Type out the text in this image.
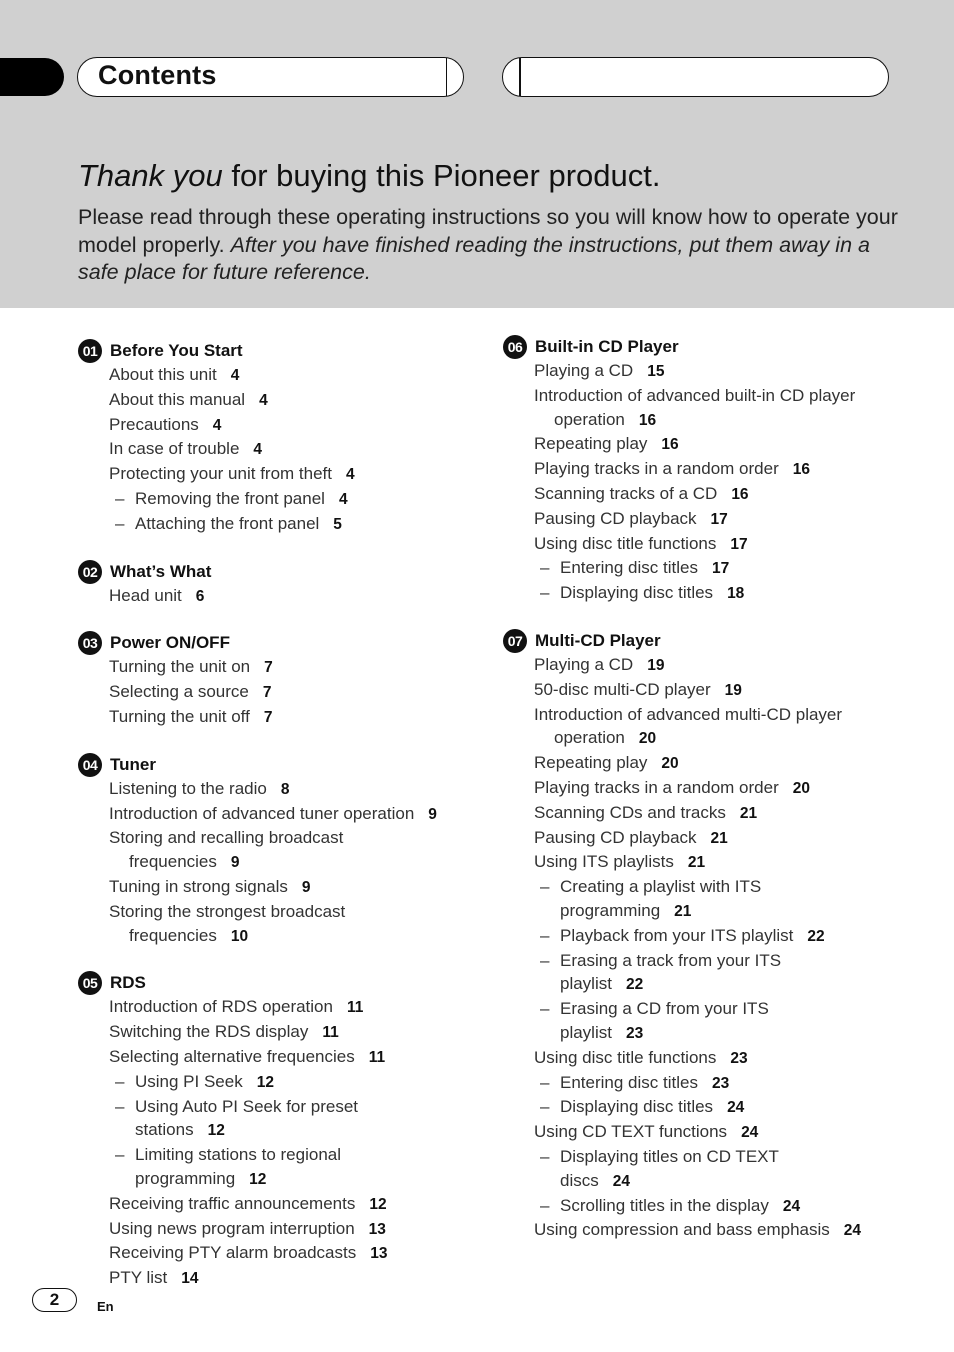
Contents
Thank you for buying this Pioneer product.
Please read through these operating instructions so you will know how to operate your model properly. After you have finished reading the instructions, put them away in a safe place for future reference.
01 Before You Start
About this unit 4
About this manual 4
Precautions 4
In case of trouble 4
Protecting your unit from theft 4
– Removing the front panel 4
– Attaching the front panel 5
02 What’s What
Head unit 6
03 Power ON/OFF
Turning the unit on 7
Selecting a source 7
Turning the unit off 7
04 Tuner
Listening to the radio 8
Introduction of advanced tuner operation 9
Storing and recalling broadcast
frequencies 9
Tuning in strong signals 9
Storing the strongest broadcast
frequencies 10
05 RDS
Introduction of RDS operation 11
Switching the RDS display 11
Selecting alternative frequencies 11
– Using PI Seek 12
– Using Auto PI Seek for preset
stations 12
– Limiting stations to regional
programming 12
Receiving traffic announcements 12
Using news program interruption 13
Receiving PTY alarm broadcasts 13
PTY list 14
06 Built-in CD Player
Playing a CD 15
Introduction of advanced built-in CD player
operation 16
Repeating play 16
Playing tracks in a random order 16
Scanning tracks of a CD 16
Pausing CD playback 17
Using disc title functions 17
– Entering disc titles 17
– Displaying disc titles 18
07 Multi-CD Player
Playing a CD 19
50-disc multi-CD player 19
Introduction of advanced multi-CD player
operation 20
Repeating play 20
Playing tracks in a random order 20
Scanning CDs and tracks 21
Pausing CD playback 21
Using ITS playlists 21
– Creating a playlist with ITS
programming 21
– Playback from your ITS playlist 22
– Erasing a track from your ITS
playlist 22
– Erasing a CD from your ITS
playlist 23
Using disc title functions 23
– Entering disc titles 23
– Displaying disc titles 24
Using CD TEXT functions 24
– Displaying titles on CD TEXT
discs 24
– Scrolling titles in the display 24
Using compression and bass emphasis 24
2	En
